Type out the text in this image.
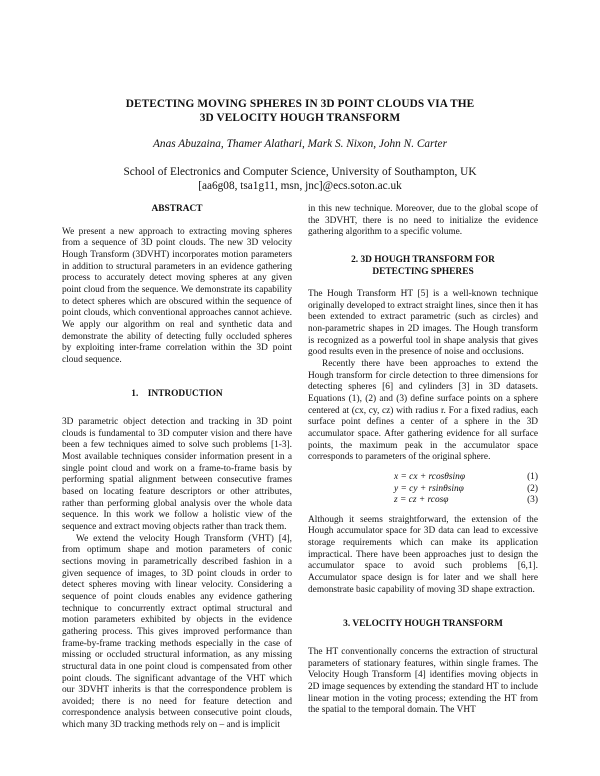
DETECTING MOVING SPHERES IN 3D POINT CLOUDS VIA THE
3D VELOCITY HOUGH TRANSFORM
Anas Abuzaina, Thamer Alathari, Mark S. Nixon, John N. Carter
School of Electronics and Computer Science, University of Southampton, UK
[aa6g08, tsa1g11, msn, jnc]@ecs.soton.ac.uk

ABSTRACT

We present a new approach to extracting moving spheres from a sequence of 3D point clouds. The new 3D velocity Hough Transform (3DVHT) incorporates motion parameters in addition to structural parameters in an evidence gathering process to accurately detect moving spheres at any given point cloud from the sequence. We demonstrate its capability to detect spheres which are obscured within the sequence of point clouds, which conventional approaches cannot achieve. We apply our algorithm on real and synthetic data and demonstrate the ability of detecting fully occluded spheres by exploiting inter-frame correlation within the 3D point cloud sequence.

1.    INTRODUCTION

3D parametric object detection and tracking in 3D point clouds is fundamental to 3D computer vision and there have been a few techniques aimed to solve such problems [1-3]. Most available techniques consider information present in a single point cloud and work on a frame-to-frame basis by performing spatial alignment between consecutive frames based on locating feature descriptors or other attributes, rather than performing global analysis over the whole data sequence. In this work we follow a holistic view of the sequence and extract moving objects rather than track them.

We extend the velocity Hough Transform (VHT) [4], from optimum shape and motion parameters of conic sections moving in parametrically described fashion in a given sequence of images, to 3D point clouds in order to detect spheres moving with linear velocity. Considering a sequence of point clouds enables any evidence gathering technique to concurrently extract optimal structural and motion parameters exhibited by objects in the evidence gathering process. This gives improved performance than frame-by-frame tracking methods especially in the case of missing or occluded structural information, as any missing structural data in one point cloud is compensated from other point clouds. The significant advantage of the VHT which our 3DVHT inherits is that the correspondence problem is avoided; there is no need for feature detection and correspondence analysis between consecutive point clouds, which many 3D tracking methods rely on – and is implicit

in this new technique. Moreover, due to the global scope of the 3DVHT, there is no need to initialize the evidence gathering algorithm to a specific volume.

2. 3D HOUGH TRANSFORM FOR DETECTING SPHERES

The Hough Transform HT [5] is a well-known technique originally developed to extract straight lines, since then it has been extended to extract parametric (such as circles) and non-parametric shapes in 2D images. The Hough transform is recognized as a powerful tool in shape analysis that gives good results even in the presence of noise and occlusions.

Recently there have been approaches to extend the Hough transform for circle detection to three dimensions for detecting spheres [6] and cylinders [3] in 3D datasets. Equations (1), (2) and (3) define surface points on a sphere centered at (cx, cy, cz) with radius r. For a fixed radius, each surface point defines a center of a sphere in the 3D accumulator space. After gathering evidence for all surface points, the maximum peak in the accumulator space corresponds to parameters of the original sphere.

x = cx + rcosθsinφ	(1)
y = cy + rsinθsinφ	(2)
z = cz + rcosφ	(3)

Although it seems straightforward, the extension of the Hough accumulator space for 3D data can lead to excessive storage requirements which can make its application impractical. There have been approaches just to design the accumulator space to avoid such problems [6,1]. Accumulator space design is for later and we shall here demonstrate basic capability of moving 3D shape extraction.

3. VELOCITY HOUGH TRANSFORM

The HT conventionally concerns the extraction of structural parameters of stationary features, within single frames. The Velocity Hough Transform [4] identifies moving objects in 2D image sequences by extending the standard HT to include linear motion in the voting process; extending the HT from the spatial to the temporal domain. The VHT
